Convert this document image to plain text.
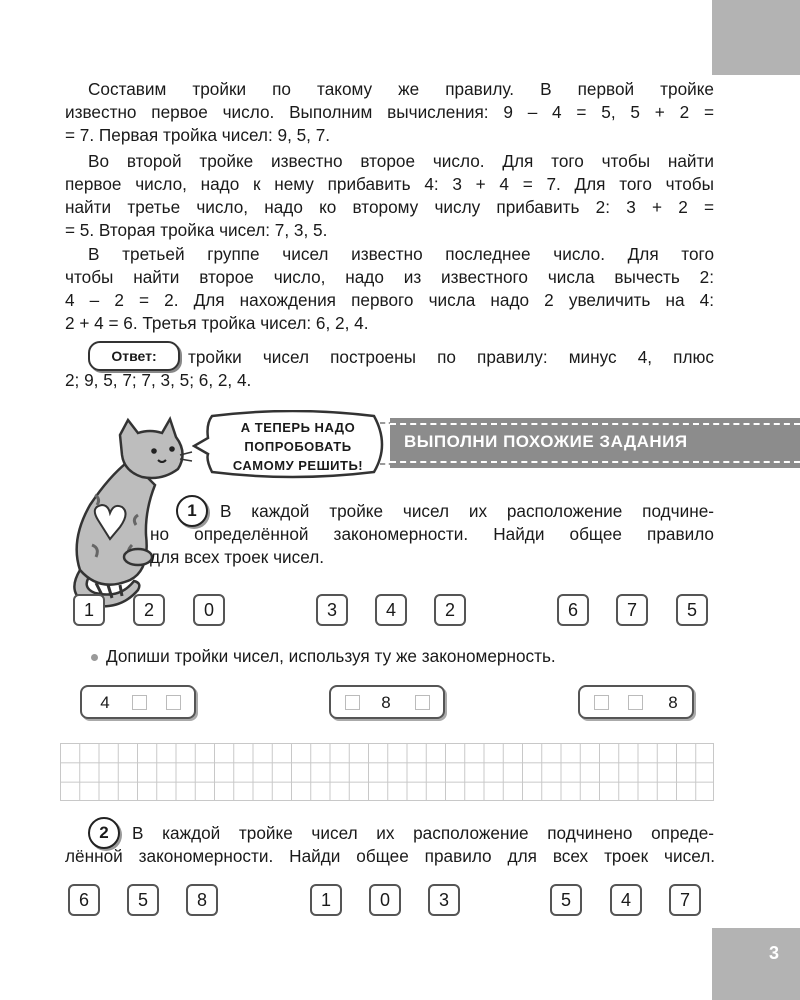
Составим тройки по такому же правилу. В первой тройке
известно первое число. Выполним вычисления: 9 – 4 = 5, 5 + 2 =
= 7. Первая тройка чисел: 9, 5, 7.

Во второй тройке известно второе число. Для того чтобы найти
первое число, надо к нему прибавить 4: 3 + 4 = 7. Для того чтобы
найти третье число, надо ко второму числу прибавить 2: 3 + 2 =
= 5. Вторая тройка чисел: 7, 3, 5.

В третьей группе чисел известно последнее число. Для того
чтобы найти второе число, надо из известного числа вычесть 2:
4 – 2 = 2. Для нахождения первого числа надо 2 увеличить на 4:
2 + 4 = 6. Третья тройка чисел: 6, 2, 4.

Ответ:	тройки чисел построены по правилу: минус 4, плюс

2; 9, 5, 7; 7, 3, 5; 6, 2, 4.

А ТЕПЕРЬ НАДО
ПОПРОБОВАТЬ
САМОМУ РЕШИТЬ!
ВЫПОЛНИ ПОХОЖИЕ ЗАДАНИЯ
1	В каждой тройке чисел их расположение подчине-

но определённой закономерности. Найди общее правило
для всех троек чисел.

1	2	0	3	4	2	6	7	5

Допиши тройки чисел, используя ту же закономерность.

4	8	8
2	В каждой тройке чисел их расположение подчинено опреде-

лённой закономерности. Найди общее правило для всех троек чисел.

6	5	8	1	0	3	5	4	7
3
